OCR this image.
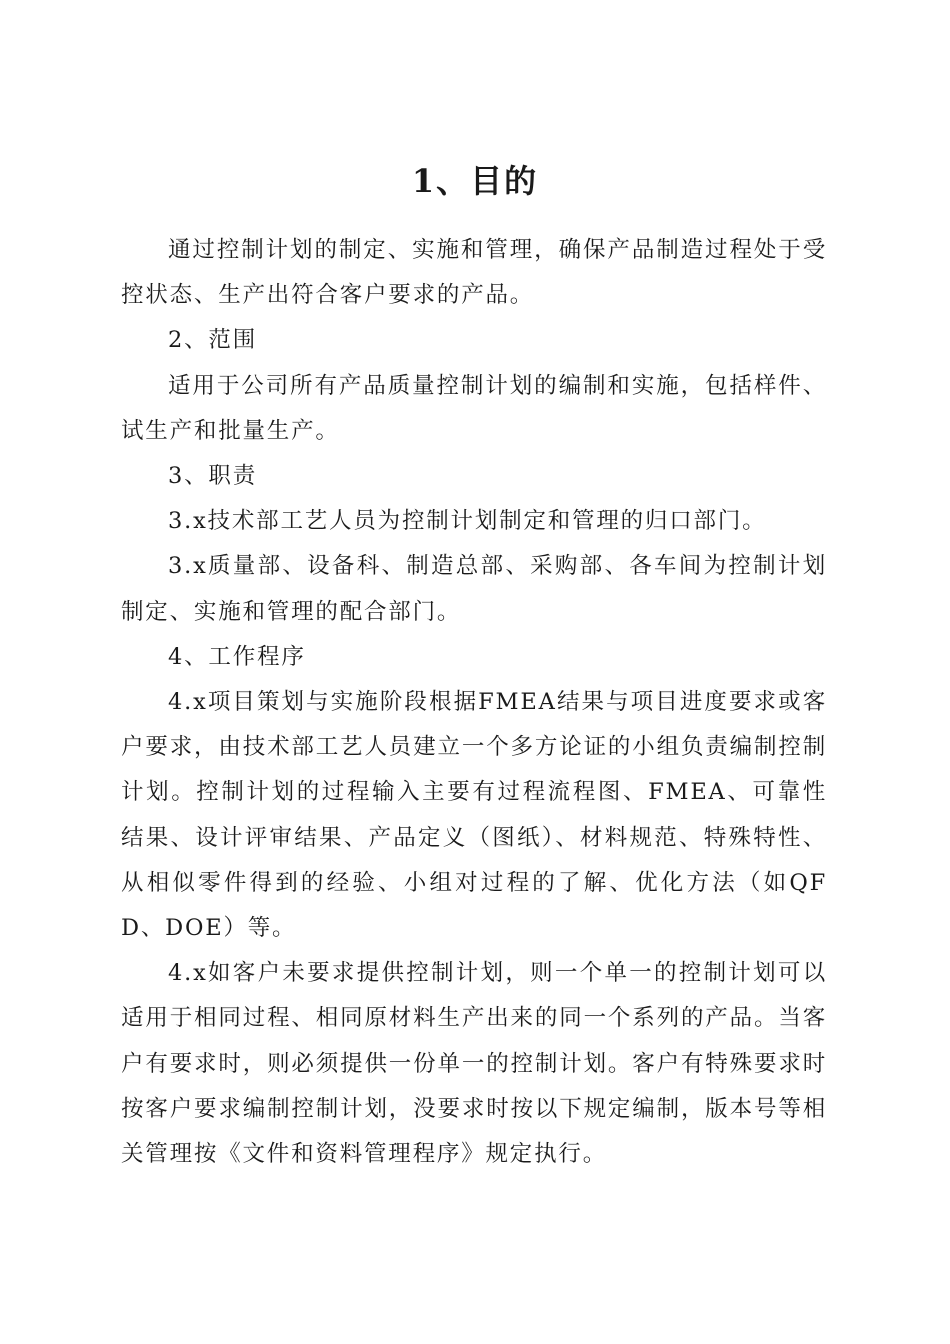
1、目的

通过控制计划的制定、实施和管理，确保产品制造过程处于受控状态、生产出符合客户要求的产品。

2、范围

适用于公司所有产品质量控制计划的编制和实施，包括样件、试生产和批量生产。

3、职责

3.x技术部工艺人员为控制计划制定和管理的归口部门。

3.x质量部、设备科、制造总部、采购部、各车间为控制计划制定、实施和管理的配合部门。

4、工作程序

4.x项目策划与实施阶段根据FMEA结果与项目进度要求或客户要求，由技术部工艺人员建立一个多方论证的小组负责编制控制计划。控制计划的过程输入主要有过程流程图、FMEA、可靠性结果、设计评审结果、产品定义（图纸）、材料规范、特殊特性、从相似零件得到的经验、小组对过程的了解、优化方法（如QFD、DOE）等。

4.x如客户未要求提供控制计划，则一个单一的控制计划可以适用于相同过程、相同原材料生产出来的同一个系列的产品。当客户有要求时，则必须提供一份单一的控制计划。客户有特殊要求时按客户要求编制控制计划，没要求时按以下规定编制，版本号等相关管理按《文件和资料管理程序》规定执行。
